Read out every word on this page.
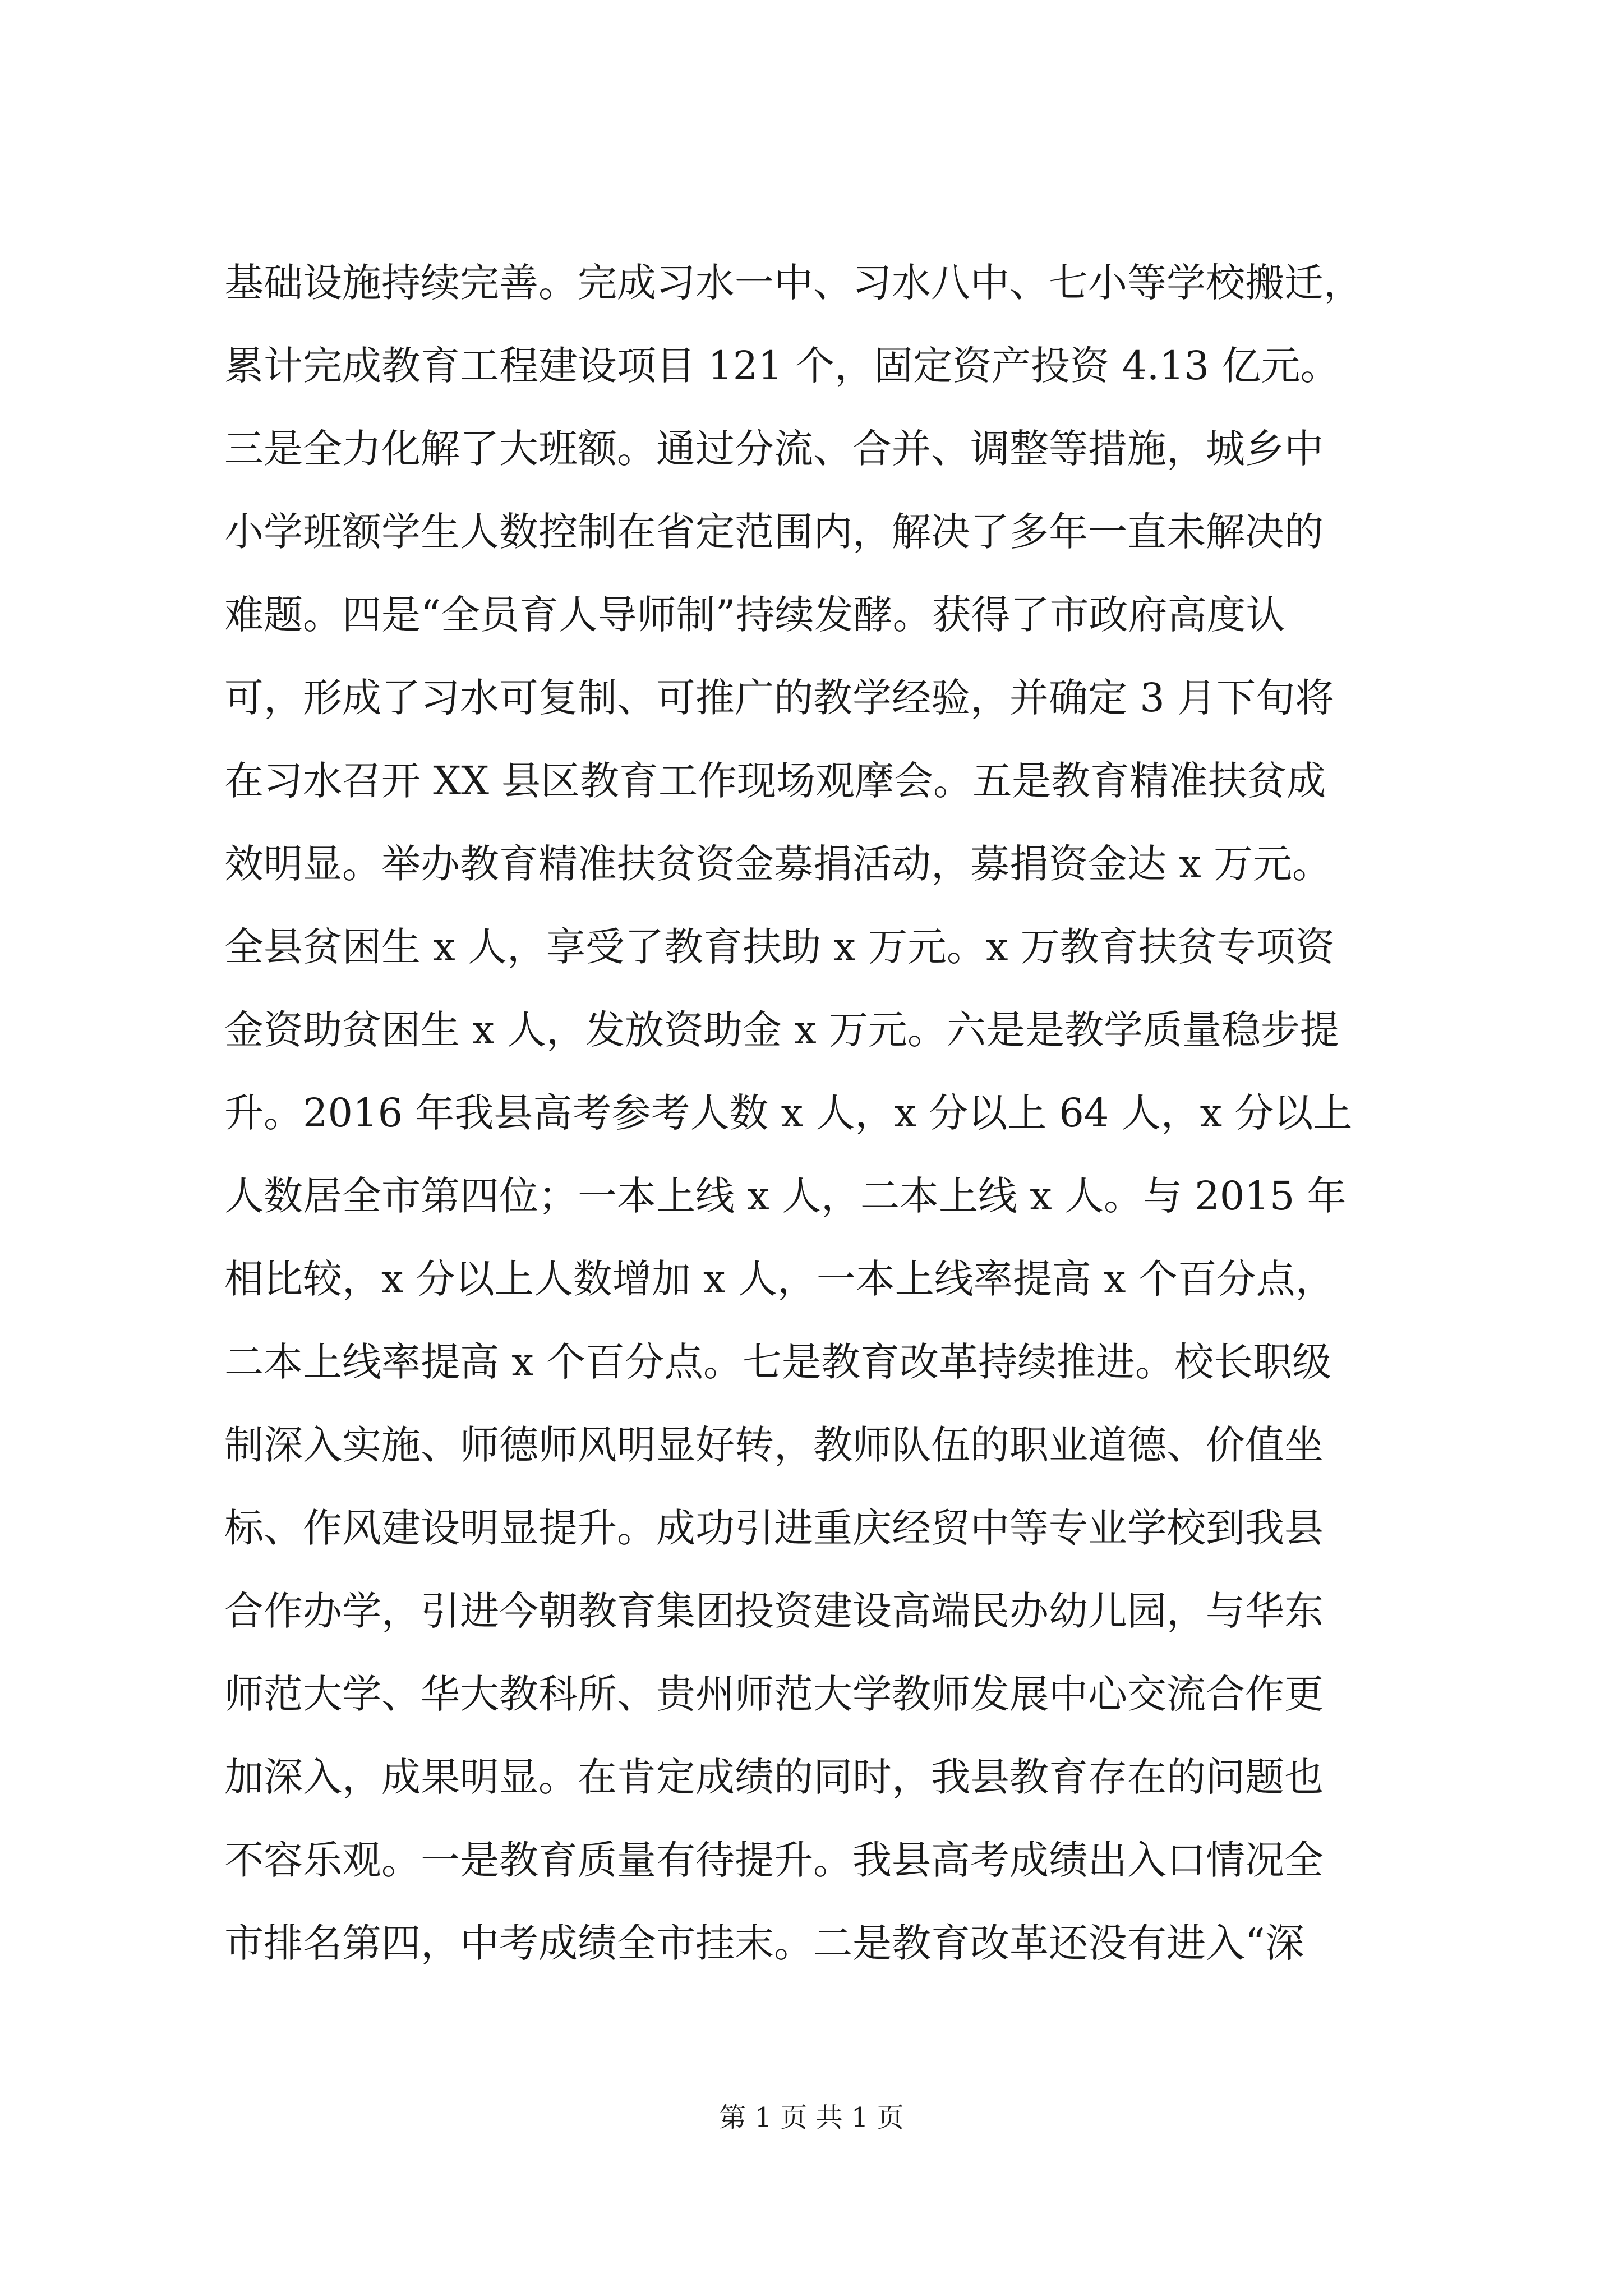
基础设施持续完善。完成习水一中、习水八中、七小等学校搬迁，
累计完成教育工程建设项目 121 个，固定资产投资 4.13 亿元。
三是全力化解了大班额。通过分流、合并、调整等措施，城乡中
小学班额学生人数控制在省定范围内，解决了多年一直未解决的
难题。四是“全员育人导师制”持续发酵。获得了市政府高度认
可，形成了习水可复制、可推广的教学经验，并确定 3 月下旬将
在习水召开 XX 县区教育工作现场观摩会。五是教育精准扶贫成
效明显。举办教育精准扶贫资金募捐活动，募捐资金达 x 万元。
全县贫困生 x 人，享受了教育扶助 x 万元。x 万教育扶贫专项资
金资助贫困生 x 人，发放资助金 x 万元。六是是教学质量稳步提
升。2016 年我县高考参考人数 x 人，x 分以上 64 人，x 分以上
人数居全市第四位；一本上线 x 人，二本上线 x 人。与 2015 年
相比较，x 分以上人数增加 x 人，一本上线率提高 x 个百分点，
二本上线率提高 x 个百分点。七是教育改革持续推进。校长职级
制深入实施、师德师风明显好转，教师队伍的职业道德、价值坐
标、作风建设明显提升。成功引进重庆经贸中等专业学校到我县
合作办学，引进今朝教育集团投资建设高端民办幼儿园，与华东
师范大学、华大教科所、贵州师范大学教师发展中心交流合作更
加深入，成果明显。在肯定成绩的同时，我县教育存在的问题也
不容乐观。一是教育质量有待提升。我县高考成绩出入口情况全
市排名第四，中考成绩全市挂末。二是教育改革还没有进入“深
第 1 页 共 1 页
